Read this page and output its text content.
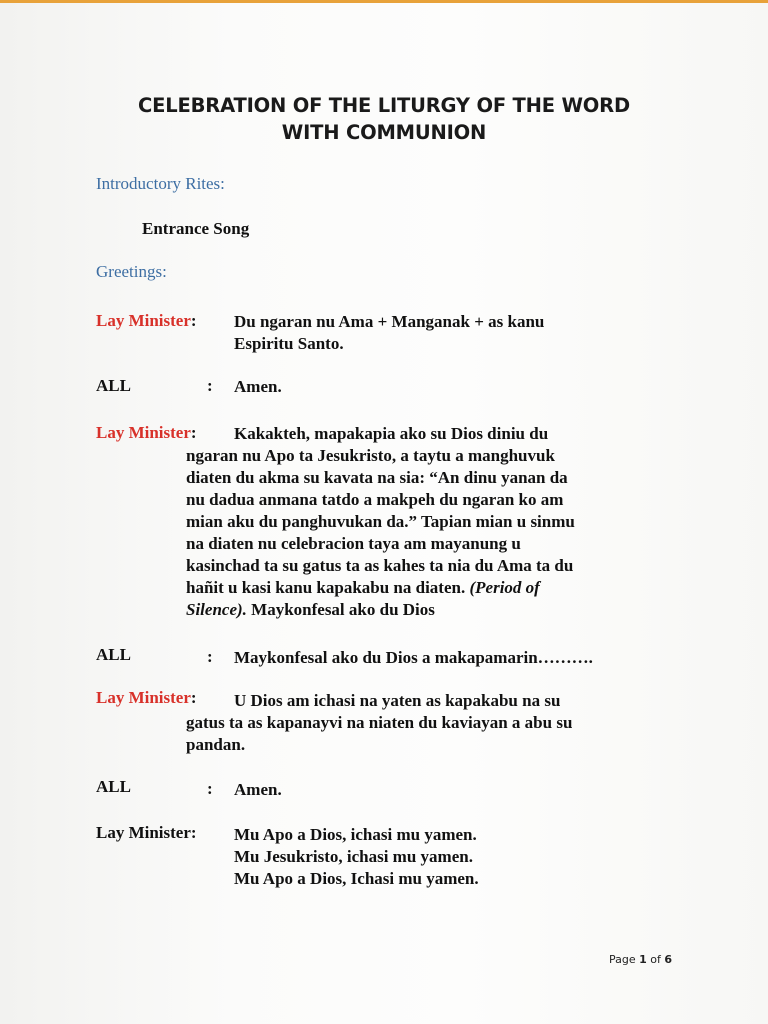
CELEBRATION OF THE LITURGY OF THE WORD
WITH COMMUNION
Introductory Rites:
Entrance Song
Greetings:
Lay Minister: Du ngaran nu Ama + Manganak + as kanu
Espiritu Santo.
ALL	: Amen.
Lay Minister: Kakakteh, mapakapia ako su Dios diniu du
ngaran nu Apo ta Jesukristo, a taytu a manghuvuk
diaten du akma su kavata na sia: “An dinu yanan da
nu dadua anmana tatdo a makpeh du ngaran ko am
mian aku du panghuvukan da.” Tapian mian u sinmu
na diaten nu celebracion taya am mayanung u
kasinchad ta su gatus ta as kahes ta nia du Ama ta du
hañit u kasi kanu kapakabu na diaten. (Period of
Silence). Maykonfesal ako du Dios
ALL	: Maykonfesal ako du Dios a makapamarin……….
Lay Minister: U Dios am ichasi na yaten as kapakabu na su
gatus ta as kapanayvi na niaten du kaviayan a abu su
pandan.
ALL	: Amen.
Lay Minister: Mu Apo a Dios, ichasi mu yamen.
Mu Jesukristo, ichasi mu yamen.
Mu Apo a Dios, Ichasi mu yamen.
Page 1 of 6
